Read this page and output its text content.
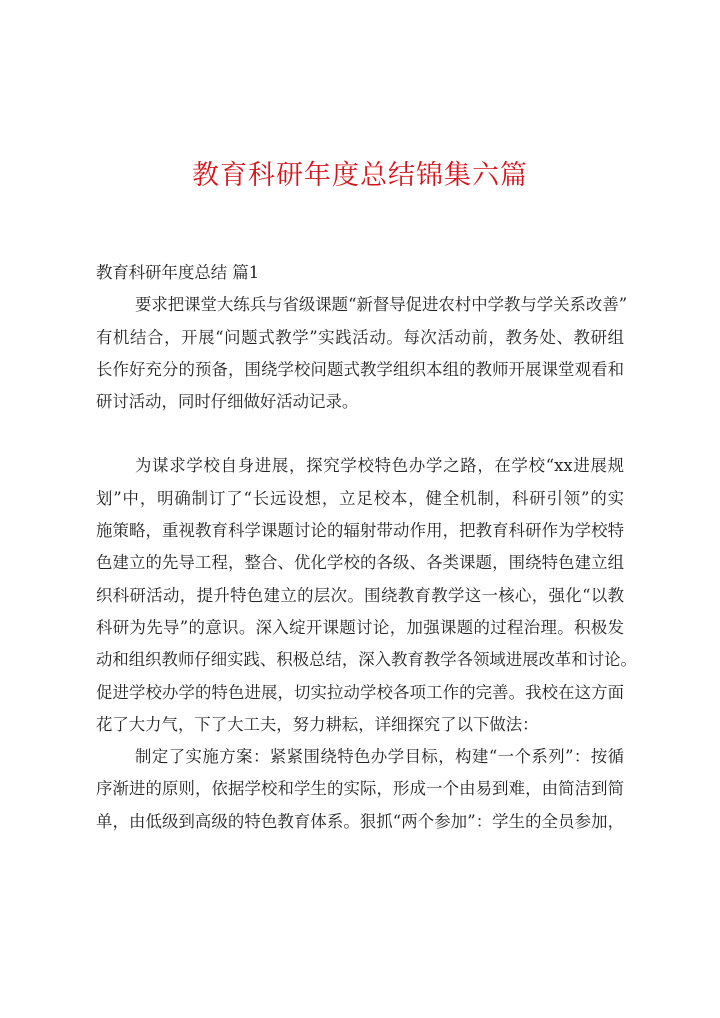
教育科研年度总结锦集六篇
教育科研年度总结 篇1
要求把课堂大练兵与省级课题“新督导促进农村中学教与学关系改善”
有机结合，开展“问题式教学”实践活动。每次活动前，教务处、教研组
长作好充分的预备，围绕学校问题式教学组织本组的教师开展课堂观看和
研讨活动，同时仔细做好活动记录。
为谋求学校自身进展，探究学校特色办学之路，在学校“xx进展规
划”中，明确制订了“长远设想，立足校本，健全机制，科研引领”的实
施策略，重视教育科学课题讨论的辐射带动作用，把教育科研作为学校特
色建立的先导工程，整合、优化学校的各级、各类课题，围绕特色建立组
织科研活动，提升特色建立的层次。围绕教育教学这一核心，强化“以教
科研为先导”的意识。深入绽开课题讨论，加强课题的过程治理。积极发
动和组织教师仔细实践、积极总结，深入教育教学各领域进展改革和讨论。
促进学校办学的特色进展，切实拉动学校各项工作的完善。我校在这方面
花了大力气，下了大工夫，努力耕耘，详细探究了以下做法：
制定了实施方案：紧紧围绕特色办学目标，构建“一个系列”：按循
序渐进的原则，依据学校和学生的实际，形成一个由易到难，由简洁到简
单，由低级到高级的特色教育体系。狠抓“两个参加”：学生的全员参加，
